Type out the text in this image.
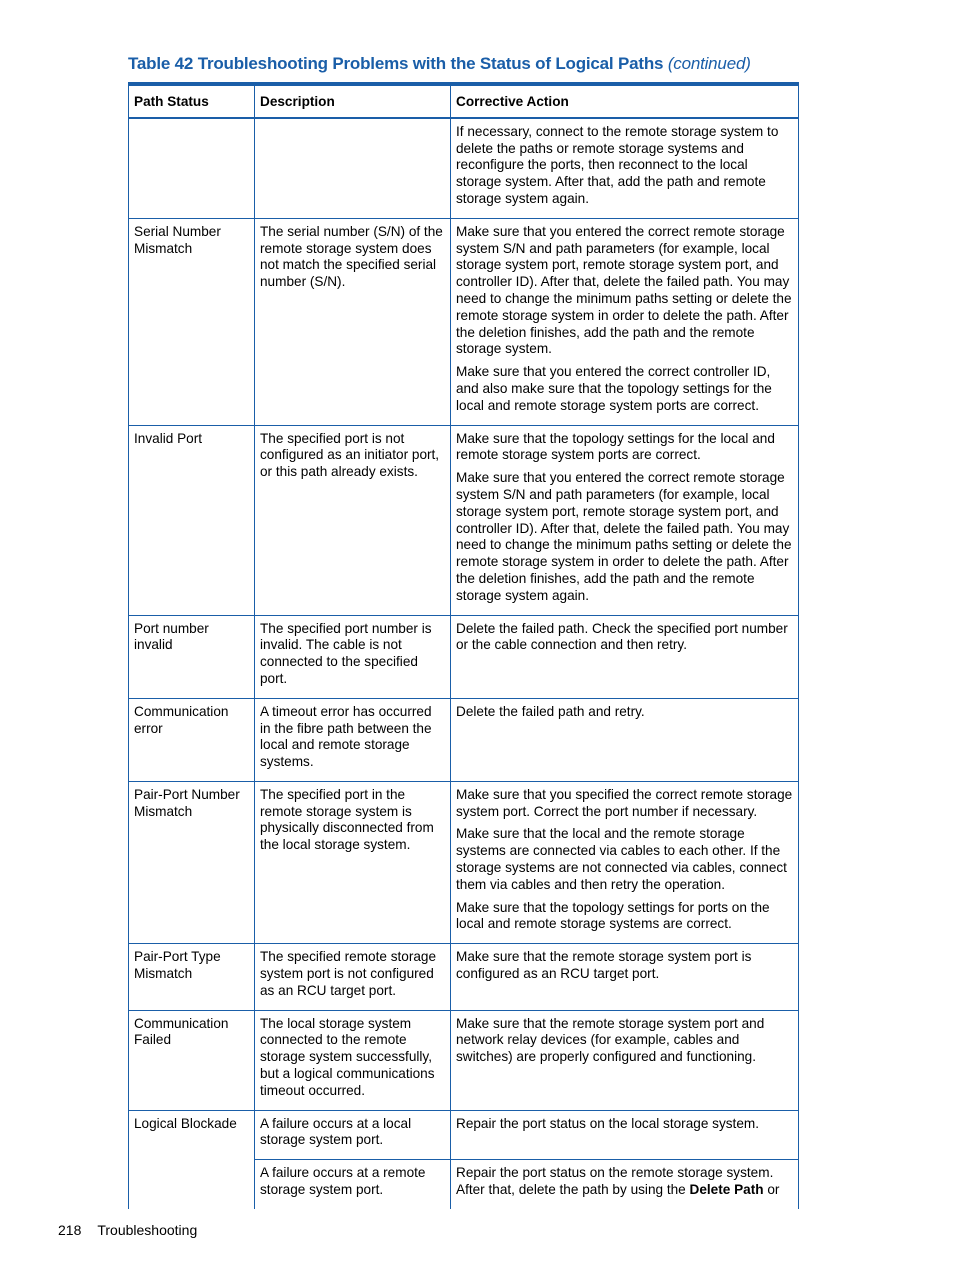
Table 42 Troubleshooting Problems with the Status of Logical Paths (continued)
Path Status	Description	Corrective Action

		If necessary, connect to the remote storage system to delete the paths or remote storage systems and reconfigure the ports, then reconnect to the local storage system. After that, add the path and remote storage system again.

Serial Number Mismatch	The serial number (S/N) of the remote storage system does not match the specified serial number (S/N).	Make sure that you entered the correct remote storage system S/N and path parameters (for example, local storage system port, remote storage system port, and controller ID). After that, delete the failed path. You may need to change the minimum paths setting or delete the remote storage system in order to delete the path. After the deletion finishes, add the path and the remote storage system.

Make sure that you entered the correct controller ID, and also make sure that the topology settings for the local and remote storage system ports are correct.

Invalid Port	The specified port is not configured as an initiator port, or this path already exists.	Make sure that the topology settings for the local and remote storage system ports are correct.

Make sure that you entered the correct remote storage system S/N and path parameters (for example, local storage system port, remote storage system port, and controller ID). After that, delete the failed path. You may need to change the minimum paths setting or delete the remote storage system in order to delete the path. After the deletion finishes, add the path and the remote storage system again.

Port number invalid	The specified port number is invalid. The cable is not connected to the specified port.	Delete the failed path. Check the specified port number or the cable connection and then retry.

Communication error	A timeout error has occurred in the fibre path between the local and remote storage systems.	Delete the failed path and retry.

Pair-Port Number Mismatch	The specified port in the remote storage system is physically disconnected from the local storage system.	Make sure that you specified the correct remote storage system port. Correct the port number if necessary.

Make sure that the local and the remote storage systems are connected via cables to each other. If the storage systems are not connected via cables, connect them via cables and then retry the operation.

Make sure that the topology settings for ports on the local and remote storage systems are correct.

Pair-Port Type Mismatch	The specified remote storage system port is not configured as an RCU target port.	Make sure that the remote storage system port is configured as an RCU target port.

Communication Failed	The local storage system connected to the remote storage system successfully, but a logical communications timeout occurred.	Make sure that the remote storage system port and network relay devices (for example, cables and switches) are properly configured and functioning.

Logical Blockade	A failure occurs at a local storage system port.	Repair the port status on the local storage system.

	A failure occurs at a remote storage system port.	Repair the port status on the remote storage system. After that, delete the path by using the Delete Path or

218 Troubleshooting
